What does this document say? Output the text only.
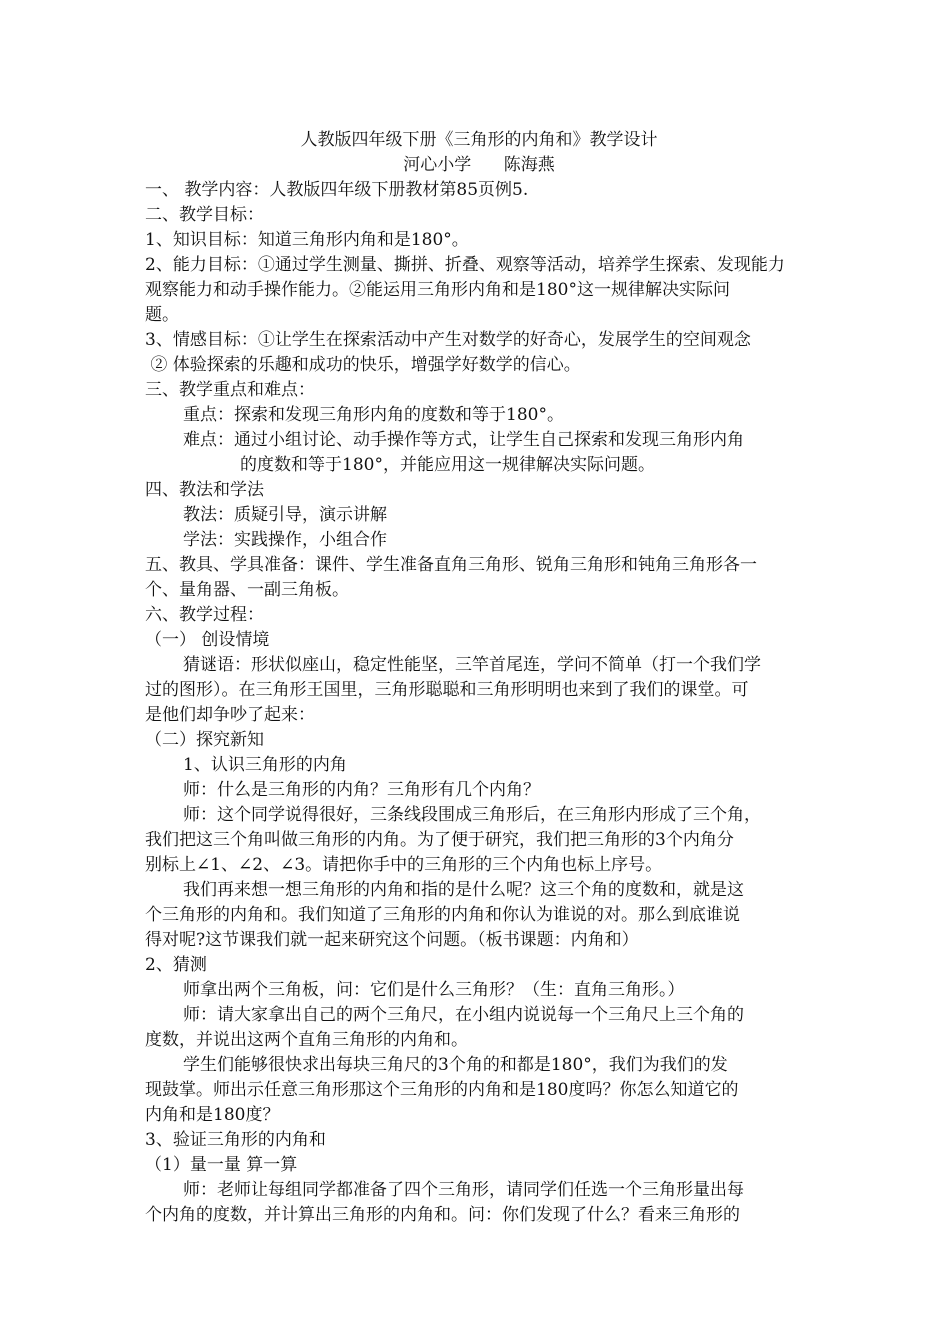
人教版四年级下册《三角形的内角和》教学设计
河心小学      陈海燕
一、 教学内容：人教版四年级下册教材第85页例5.
二、教学目标：
1、知识目标：知道三角形内角和是180°。
2、能力目标：①通过学生测量、撕拼、折叠、观察等活动，培养学生探索、发现能力
观察能力和动手操作能力。②能运用三角形内角和是180°这一规律解决实际问
题。
3、情感目标：①让学生在探索活动中产生对数学的好奇心，发展学生的空间观念
② 体验探索的乐趣和成功的快乐，增强学好数学的信心。
三、教学重点和难点：
重点：探索和发现三角形内角的度数和等于180°。
难点：通过小组讨论、动手操作等方式，让学生自己探索和发现三角形内角
的度数和等于180°，并能应用这一规律解决实际问题。
四、教法和学法
教法：质疑引导，演示讲解
学法：实践操作，小组合作
五、教具、学具准备：课件、学生准备直角三角形、锐角三角形和钝角三角形各一
个、量角器、一副三角板。
六、教学过程：
（一） 创设情境
猜谜语：形状似座山，稳定性能坚，三竿首尾连，学问不简单（打一个我们学
过的图形）。在三角形王国里，三角形聪聪和三角形明明也来到了我们的课堂。可
是他们却争吵了起来：
（二）探究新知
1、认识三角形的内角
师：什么是三角形的内角？三角形有几个内角？
师：这个同学说得很好，三条线段围成三角形后，在三角形内形成了三个角，
我们把这三个角叫做三角形的内角。为了便于研究，我们把三角形的3个内角分
别标上∠1、∠2、∠3。请把你手中的三角形的三个内角也标上序号。
我们再来想一想三角形的内角和指的是什么呢？这三个角的度数和，就是这
个三角形的内角和。我们知道了三角形的内角和你认为谁说的对。那么到底谁说
得对呢?这节课我们就一起来研究这个问题。（板书课题：内角和）
2、猜测
师拿出两个三角板，问：它们是什么三角形？（生：直角三角形。）
师：请大家拿出自己的两个三角尺，在小组内说说每一个三角尺上三个角的
度数，并说出这两个直角三角形的内角和。
学生们能够很快求出每块三角尺的3个角的和都是180°，我们为我们的发
现鼓掌。师出示任意三角形那这个三角形的内角和是180度吗？你怎么知道它的
内角和是180度？
3、验证三角形的内角和
（1）量一量 算一算
师：老师让每组同学都准备了四个三角形，请同学们任选一个三角形量出每
个内角的度数，并计算出三角形的内角和。问：你们发现了什么？看来三角形的
